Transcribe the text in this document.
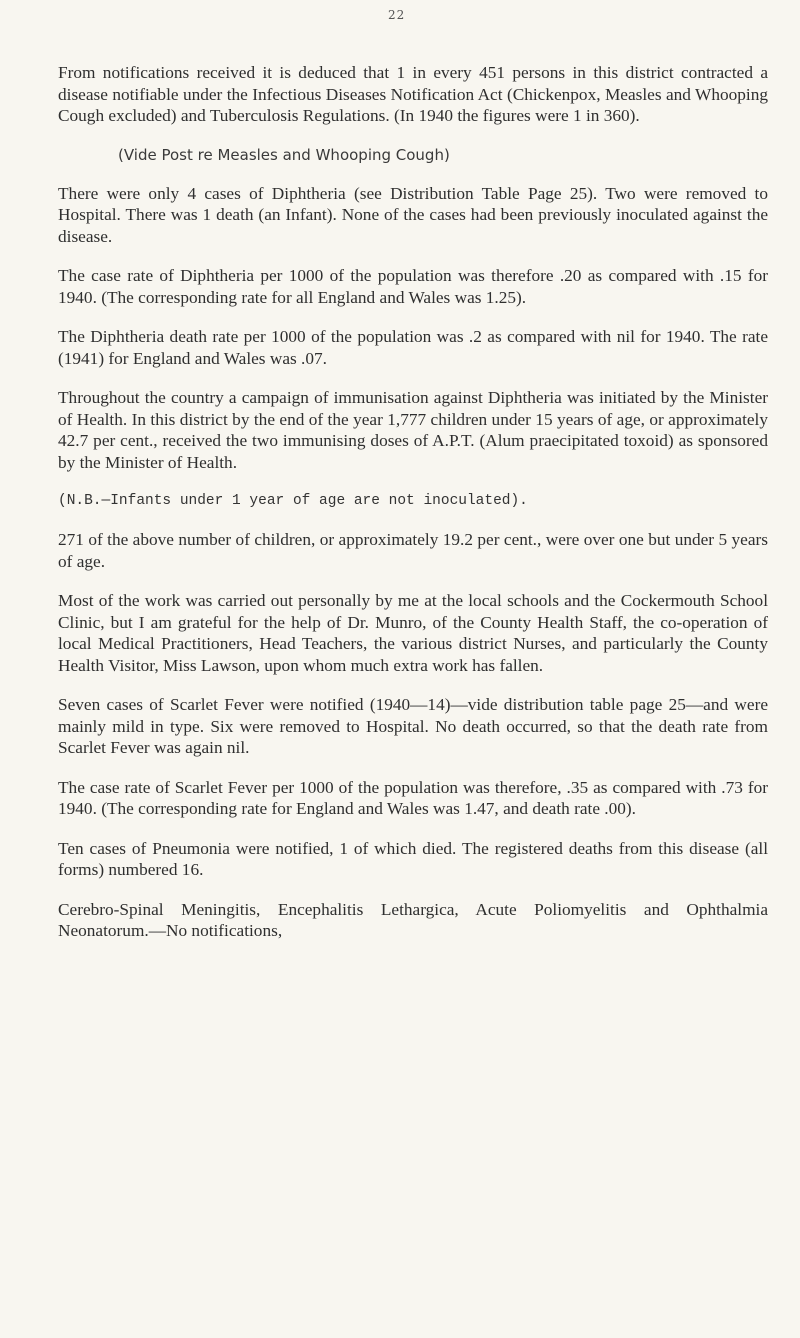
22

From notifications received it is deduced that 1 in every 451 persons in this district contracted a disease notifiable under the Infectious Diseases Notification Act (Chickenpox, Measles and Whooping Cough excluded) and Tuberculosis Regulations. (In 1940 the figures were 1 in 360).

(Vide Post re Measles and Whooping Cough)

There were only 4 cases of Diphtheria (see Distribution Table Page 25). Two were removed to Hospital. There was 1 death (an Infant). None of the cases had been previously inoculated against the disease.

The case rate of Diphtheria per 1000 of the population was therefore .20 as compared with .15 for 1940. (The corresponding rate for all England and Wales was 1.25).

The Diphtheria death rate per 1000 of the population was .2 as compared with nil for 1940. The rate (1941) for England and Wales was .07.

Throughout the country a campaign of immunisation against Diphtheria was initiated by the Minister of Health. In this district by the end of the year 1,777 children under 15 years of age, or approximately 42.7 per cent., received the two immunising doses of A.P.T. (Alum praecipitated toxoid) as sponsored by the Minister of Health.

(N.B.—Infants under 1 year of age are not inoculated).

271 of the above number of children, or approximately 19.2 per cent., were over one but under 5 years of age.

Most of the work was carried out personally by me at the local schools and the Cockermouth School Clinic, but I am grateful for the help of Dr. Munro, of the County Health Staff, the co-operation of local Medical Practitioners, Head Teachers, the various district Nurses, and particularly the County Health Visitor, Miss Lawson, upon whom much extra work has fallen.

Seven cases of Scarlet Fever were notified (1940—14)—vide distribution table page 25—and were mainly mild in type. Six were removed to Hospital. No death occurred, so that the death rate from Scarlet Fever was again nil.

The case rate of Scarlet Fever per 1000 of the population was therefore, .35 as compared with .73 for 1940. (The corresponding rate for England and Wales was 1.47, and death rate .00).

Ten cases of Pneumonia were notified, 1 of which died. The registered deaths from this disease (all forms) numbered 16.

Cerebro-Spinal Meningitis, Encephalitis Lethargica, Acute Poliomyelitis and Ophthalmia Neonatorum.—No notifications,
